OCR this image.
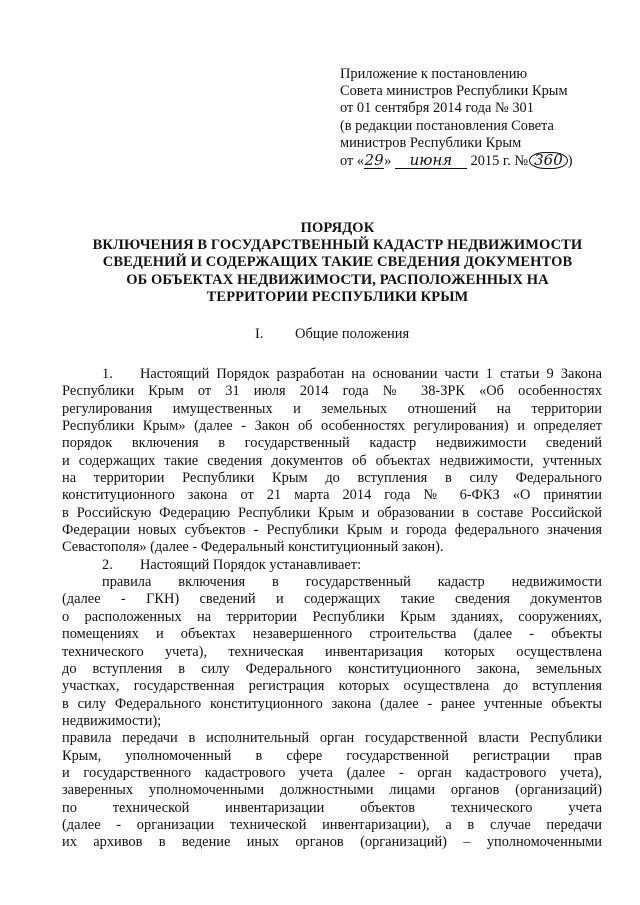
Приложение к постановлению
Совета министров Республики Крым
от 01 сентября 2014 года № 301
(в редакции постановления Совета
министров Республики Крым
от «29» июня 2015 г. № 360 )
ПОРЯДОК
ВКЛЮЧЕНИЯ В ГОСУДАРСТВЕННЫЙ КАДАСТР НЕДВИЖИМОСТИ
СВЕДЕНИЙ И СОДЕРЖАЩИХ ТАКИЕ СВЕДЕНИЯ ДОКУМЕНТОВ
ОБ ОБЪЕКТАХ НЕДВИЖИМОСТИ, РАСПОЛОЖЕННЫХ НА
ТЕРРИТОРИИ РЕСПУБЛИКИ КРЫМ
I. Общие положения
1. Настоящий Порядок разработан на основании части 1 статьи 9 Закона
Республики Крым от 31 июля 2014 года № 38-ЗРК «Об особенностях
регулирования имущественных и земельных отношений на территории
Республики Крым» (далее - Закон об особенностях регулирования) и определяет
порядок включения в государственный кадастр недвижимости сведений
и содержащих такие сведения документов об объектах недвижимости, учтенных
на территории Республики Крым до вступления в силу Федерального
конституционного закона от 21 марта 2014 года № 6-ФКЗ «О принятии
в Российскую Федерацию Республики Крым и образовании в составе Российской
Федерации новых субъектов - Республики Крым и города федерального значения
Севастополя» (далее - Федеральный конституционный закон).
2. Настоящий Порядок устанавливает:
правила включения в государственный кадастр недвижимости
(далее - ГКН) сведений и содержащих такие сведения документов
о расположенных на территории Республики Крым зданиях, сооружениях,
помещениях и объектах незавершенного строительства (далее - объекты
технического учета), техническая инвентаризация которых осуществлена
до вступления в силу Федерального конституционного закона, земельных
участках, государственная регистрация которых осуществлена до вступления
в силу Федерального конституционного закона (далее - ранее учтенные объекты
недвижимости);
правила передачи в исполнительный орган государственной власти Республики
Крым, уполномоченный в сфере государственной регистрации прав
и государственного кадастрового учета (далее - орган кадастрового учета),
заверенных уполномоченными должностными лицами органов (организаций)
по технической инвентаризации объектов технического учета
(далее - организации технической инвентаризации), а в случае передачи
их архивов в ведение иных органов (организаций) – уполномоченными
